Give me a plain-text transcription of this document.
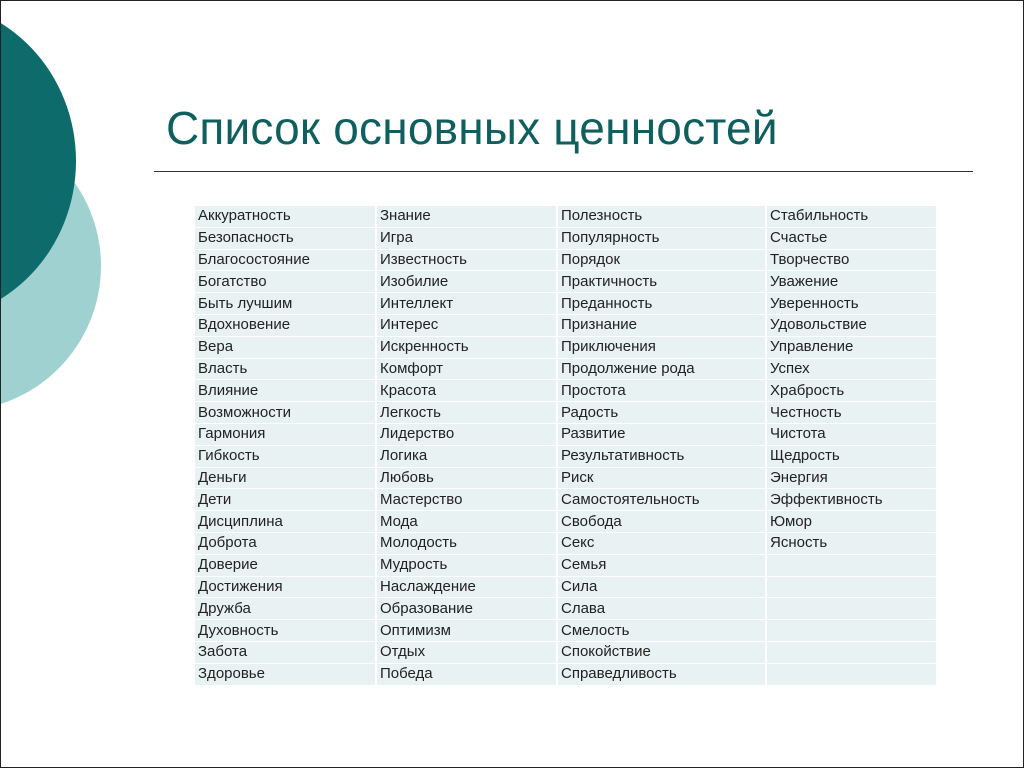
Список основных ценностей
Аккуратность	Знание	Полезность	Стабильность
Безопасность	Игра	Популярность	Счастье
Благосостояние	Известность	Порядок	Творчество
Богатство	Изобилие	Практичность	Уважение
Быть лучшим	Интеллект	Преданность	Уверенность
Вдохновение	Интерес	Признание	Удовольствие
Вера	Искренность	Приключения	Управление
Власть	Комфорт	Продолжение рода	Успех
Влияние	Красота	Простота	Храбрость
Возможности	Легкость	Радость	Честность
Гармония	Лидерство	Развитие	Чистота
Гибкость	Логика	Результативность	Щедрость
Деньги	Любовь	Риск	Энергия
Дети	Мастерство	Самостоятельность	Эффективность
Дисциплина	Мода	Свобода	Юмор
Доброта	Молодость	Секс	Ясность
Доверие	Мудрость	Семья	
Достижения	Наслаждение	Сила	
Дружба	Образование	Слава	
Духовность	Оптимизм	Смелость	
Забота	Отдых	Спокойствие	
Здоровье	Победа	Справедливость	
